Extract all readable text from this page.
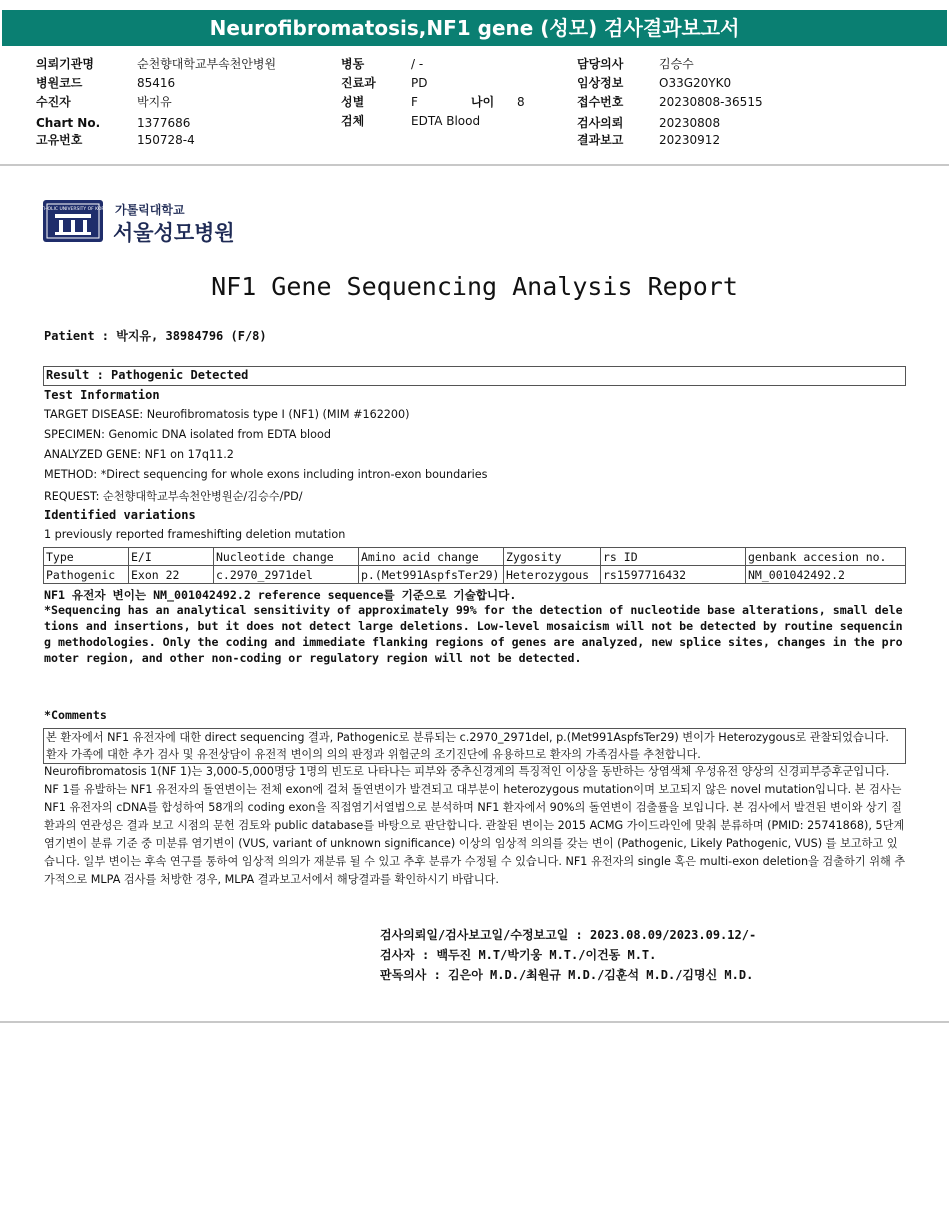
Neurofibromatosis,NF1 gene (성모) 검사결과보고서
의뢰기관명	순천향대학교부속천안병원
병원코드	85416
수진자	박지유
Chart No.	1377686
고유번호	150728-4
병동	/ -
진료과	PD
성별	F	나이 8
검체	EDTA Blood
담당의사	김승수
임상정보	O33G20YK0
접수번호	20230808-36515
검사의뢰	20230808
결과보고	20230912
CATHOLIC UNIVERSITY OF KOREA 가톨릭대학교
서울성모병원
NF1 Gene Sequencing Analysis Report
Patient : 박지유, 38984796 (F/8)
Result : Pathogenic Detected
Test Information
TARGET DISEASE: Neurofibromatosis type I (NF1) (MIM #162200)
SPECIMEN: Genomic DNA isolated from EDTA blood
ANALYZED GENE: NF1 on 17q11.2
METHOD: *Direct sequencing for whole exons including intron-exon boundaries
REQUEST: 순천향대학교부속천안병원순/김승수/PD/
Identified variations
1 previously reported frameshifting deletion mutation
Type	E/I	Nucleotide change	Amino acid change	Zygosity	rs ID	genbank accesion no.
Pathogenic	Exon 22	c.2970_2971del	p.(Met991AspfsTer29)	Heterozygous	rs1597716432	NM_001042492.2
NF1 유전자 변이는 NM_001042492.2 reference sequence를 기준으로 기술합니다.
*Sequencing has an analytical sensitivity of approximately 99% for the detection of nucleotide base alterations, small deletions and insertions, but it does not detect large deletions. Low-level mosaicism will not be detected by routine sequencing methodologies. Only the coding and immediate flanking regions of genes are analyzed, new splice sites, changes in the promoter region, and other non-coding or regulatory region will not be detected.
*Comments
본 환자에서 NF1 유전자에 대한 direct sequencing 결과, Pathogenic로 분류되는 c.2970_2971del, p.(Met991AspfsTer29) 변이가 Heterozygous로 관찰되었습니다. 환자 가족에 대한 추가 검사 및 유전상담이 유전적 변이의 의의 판정과 위험군의 조기진단에 유용하므로 환자의 가족검사를 추천합니다.
Neurofibromatosis 1(NF 1)는 3,000-5,000명당 1명의 빈도로 나타나는 피부와 중추신경계의 특징적인 이상을 동반하는 상염색체 우성유전 양상의 신경피부증후군입니다. NF 1를 유발하는 NF1 유전자의 돌연변이는 전체 exon에 걸쳐 돌연변이가 발견되고 대부분이 heterozygous mutation이며 보고되지 않은 novel mutation입니다. 본 검사는 NF1 유전자의 cDNA를 합성하여 58개의 coding exon을 직접염기서열법으로 분석하며 NF1 환자에서 90%의 돌연변이 검출률을 보입니다. 본 검사에서 발견된 변이와 상기 질환과의 연관성은 결과 보고 시점의 문헌 검토와 public database를 바탕으로 판단합니다. 관찰된 변이는 2015 ACMG 가이드라인에 맞춰 분류하며 (PMID: 25741868), 5단계 염기변이 분류 기준 중 미분류 염기변이 (VUS, variant of unknown significance) 이상의 임상적 의의를 갖는 변이 (Pathogenic, Likely Pathogenic, VUS) 를 보고하고 있습니다. 일부 변이는 후속 연구를 통하여 임상적 의의가 재분류 될 수 있고 추후 분류가 수정될 수 있습니다. NF1 유전자의 single 혹은 multi-exon deletion을 검출하기 위해 추가적으로 MLPA 검사를 처방한 경우, MLPA 결과보고서에서 해당결과를 확인하시기 바랍니다.
검사의뢰일/검사보고일/수정보고일 : 2023.08.09/2023.09.12/-
검사자 : 백두진 M.T/박기웅 M.T./이건동 M.T.
판독의사 : 김은아 M.D./최원규 M.D./김훈석 M.D./김명신 M.D.
